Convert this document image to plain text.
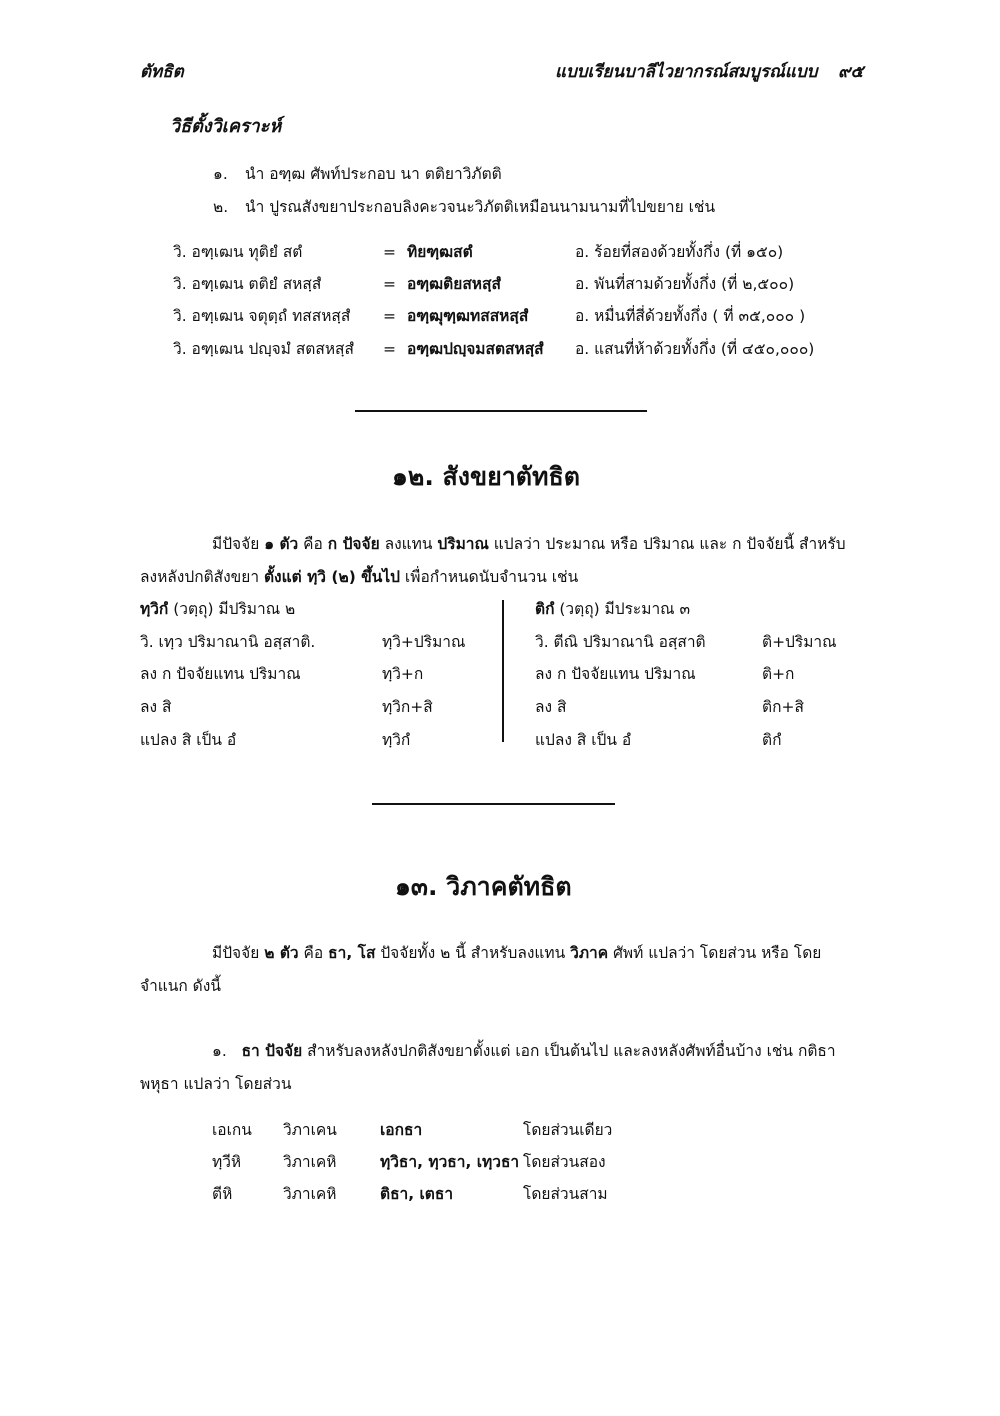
ตัทธิต	แบบเรียนบาลีไวยากรณ์สมบูรณ์แบบ ๙๕
วิธีตั้งวิเคราะห์
๑. นำ อฑฺฒ ศัพท์ประกอบ นา ตติยาวิภัตติ
๒. นำ ปูรณสังขยาประกอบลิงคะวจนะวิภัตติเหมือนนามนามที่ไปขยาย เช่น
วิ. อฑฺเฒน ทุติยํ สตํ	= ทิยฑฺฒสตํ	อ. ร้อยที่สองด้วยทั้งกึ่ง (ที่ ๑๕๐)
วิ. อฑฺเฒน ตติยํ สหสฺสํ	= อฑฺฒติยสหสฺสํ	อ. พันที่สามด้วยทั้งกึ่ง (ที่ ๒,๕๐๐)
วิ. อฑฺเฒน จตุตฺถํ ทสสหสฺสํ = อฑฺฒุฑฺฒทสสหสฺสํ	อ. หมื่นที่สี่ด้วยทั้งกึ่ง ( ที่ ๓๕,๐๐๐ )
วิ. อฑฺเฒน ปญฺจมํ สตสหสฺสํ = อฑฺฒปญฺจมสตสหสฺสํ อ. แสนที่ห้าด้วยทั้งกึ่ง (ที่ ๔๕๐,๐๐๐)
๑๒. สังขยาตัทธิต
มีปัจจัย ๑ ตัว คือ ก ปัจจัย ลงแทน ปริมาณ แปลว่า ประมาณ หรือ ปริมาณ และ ก ปัจจัยนี้ สำหรับ
ลงหลังปกติสังขยา ตั้งแต่ ทฺวิ (๒) ขึ้นไป เพื่อกำหนดนับจำนวน เช่น
ทฺวิกํ (วตฺถุ) มีปริมาณ ๒
วิ. เทฺว ปริมาณานิ อสฺสาติ.	ทฺวิ+ปริมาณ
ลง ก ปัจจัยแทน ปริมาณ	ทฺวิ+ก
ลง สิ	ทฺวิก+สิ
แปลง สิ เป็น อํ	ทฺวิกํ
ติกํ (วตฺถุ) มีประมาณ ๓
วิ. ตีณิ ปริมาณานิ อสฺสาติ	ติ+ปริมาณ
ลง ก ปัจจัยแทน ปริมาณ	ติ+ก
ลง สิ	ติก+สิ
แปลง สิ เป็น อํ	ติกํ
๑๓. วิภาคตัทธิต
มีปัจจัย ๒ ตัว คือ ธา, โส ปัจจัยทั้ง ๒ นี้ สำหรับลงแทน วิภาค ศัพท์ แปลว่า โดยส่วน หรือ โดย
จำแนก ดังนี้
๑. ธา ปัจจัย สำหรับลงหลังปกติสังขยาตั้งแต่ เอก เป็นต้นไป และลงหลังศัพท์อื่นบ้าง เช่น กติธา
พหุธา แปลว่า โดยส่วน
เอเกน วิภาเคน	เอกธา	โดยส่วนเดียว
ทฺวีหิ	วิภาเคหิ	ทฺวิธา, ทฺวธา, เทฺวธา โดยส่วนสอง
ตีหิ	วิภาเคหิ	ติธา, เตธา	โดยส่วนสาม
